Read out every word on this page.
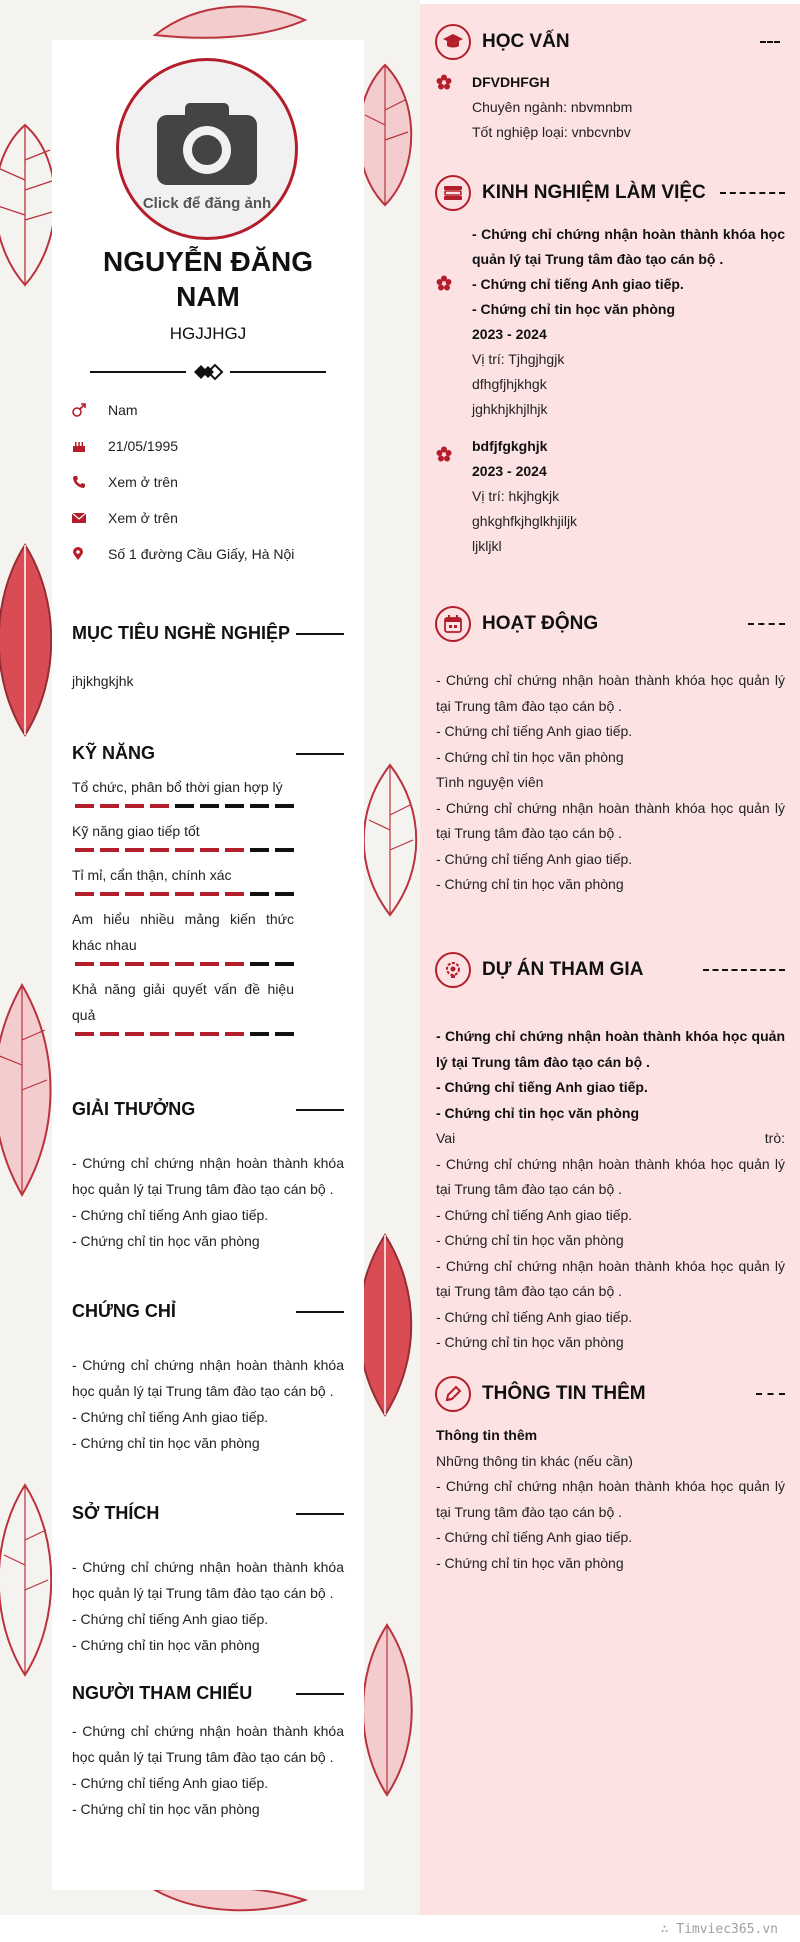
Click để đăng ảnh
NGUYỄN ĐĂNG NAM
HGJJHGJ
Nam
21/05/1995
Xem ở trên
Xem ở trên
Số 1 đường Cầu Giấy, Hà Nội
MỤC TIÊU NGHỀ NGHIỆP
jhjkhgkjhk
KỸ NĂNG
Tổ chức, phân bổ thời gian hợp lý
Kỹ năng giao tiếp tốt
Tỉ mỉ, cẩn thận, chính xác
Am hiểu nhiều mảng kiến thức khác nhau
Khả năng giải quyết vấn đề hiệu quả
GIẢI THƯỞNG
- Chứng chỉ chứng nhận hoàn thành khóa học quản lý tại Trung tâm đào tạo cán bộ .
- Chứng chỉ tiếng Anh giao tiếp.
- Chứng chỉ tin học văn phòng
CHỨNG CHỈ
- Chứng chỉ chứng nhận hoàn thành khóa học quản lý tại Trung tâm đào tạo cán bộ .
- Chứng chỉ tiếng Anh giao tiếp.
- Chứng chỉ tin học văn phòng
SỞ THÍCH
- Chứng chỉ chứng nhận hoàn thành khóa học quản lý tại Trung tâm đào tạo cán bộ .
- Chứng chỉ tiếng Anh giao tiếp.
- Chứng chỉ tin học văn phòng
NGƯỜI THAM CHIẾU
- Chứng chỉ chứng nhận hoàn thành khóa học quản lý tại Trung tâm đào tạo cán bộ .
- Chứng chỉ tiếng Anh giao tiếp.
- Chứng chỉ tin học văn phòng
HỌC VẤN
DFVDHFGH
Chuyên ngành: nbvmnbm
Tốt nghiệp loại: vnbcvnbv
KINH NGHIỆM LÀM VIỆC
- Chứng chỉ chứng nhận hoàn thành khóa học quản lý tại Trung tâm đào tạo cán bộ .
- Chứng chỉ tiếng Anh giao tiếp.
- Chứng chỉ tin học văn phòng
2023 - 2024
Vị trí: Tjhgjhgjk
dfhgfjhjkhgk
jghkhjkhjlhjk
bdfjfgkghjk
2023 - 2024
Vị trí: hkjhgkjk
ghkghfkjhglkhjiljk
ljkljkl
HOẠT ĐỘNG
- Chứng chỉ chứng nhận hoàn thành khóa học quản lý tại Trung tâm đào tạo cán bộ .
- Chứng chỉ tiếng Anh giao tiếp.
- Chứng chỉ tin học văn phòng
Tình nguyện viên
- Chứng chỉ chứng nhận hoàn thành khóa học quản lý tại Trung tâm đào tạo cán bộ .
- Chứng chỉ tiếng Anh giao tiếp.
- Chứng chỉ tin học văn phòng
DỰ ÁN THAM GIA
- Chứng chỉ chứng nhận hoàn thành khóa học quản lý tại Trung tâm đào tạo cán bộ .
- Chứng chỉ tiếng Anh giao tiếp.
- Chứng chỉ tin học văn phòng
Vai	trò:
- Chứng chỉ chứng nhận hoàn thành khóa học quản lý tại Trung tâm đào tạo cán bộ .
- Chứng chỉ tiếng Anh giao tiếp.
- Chứng chỉ tin học văn phòng
- Chứng chỉ chứng nhận hoàn thành khóa học quản lý tại Trung tâm đào tạo cán bộ .
- Chứng chỉ tiếng Anh giao tiếp.
- Chứng chỉ tin học văn phòng
THÔNG TIN THÊM
Thông tin thêm
Những thông tin khác (nếu cần)
- Chứng chỉ chứng nhận hoàn thành khóa học quản lý tại Trung tâm đào tạo cán bộ .
- Chứng chỉ tiếng Anh giao tiếp.
- Chứng chỉ tin học văn phòng
∴ Timviec365.vn
